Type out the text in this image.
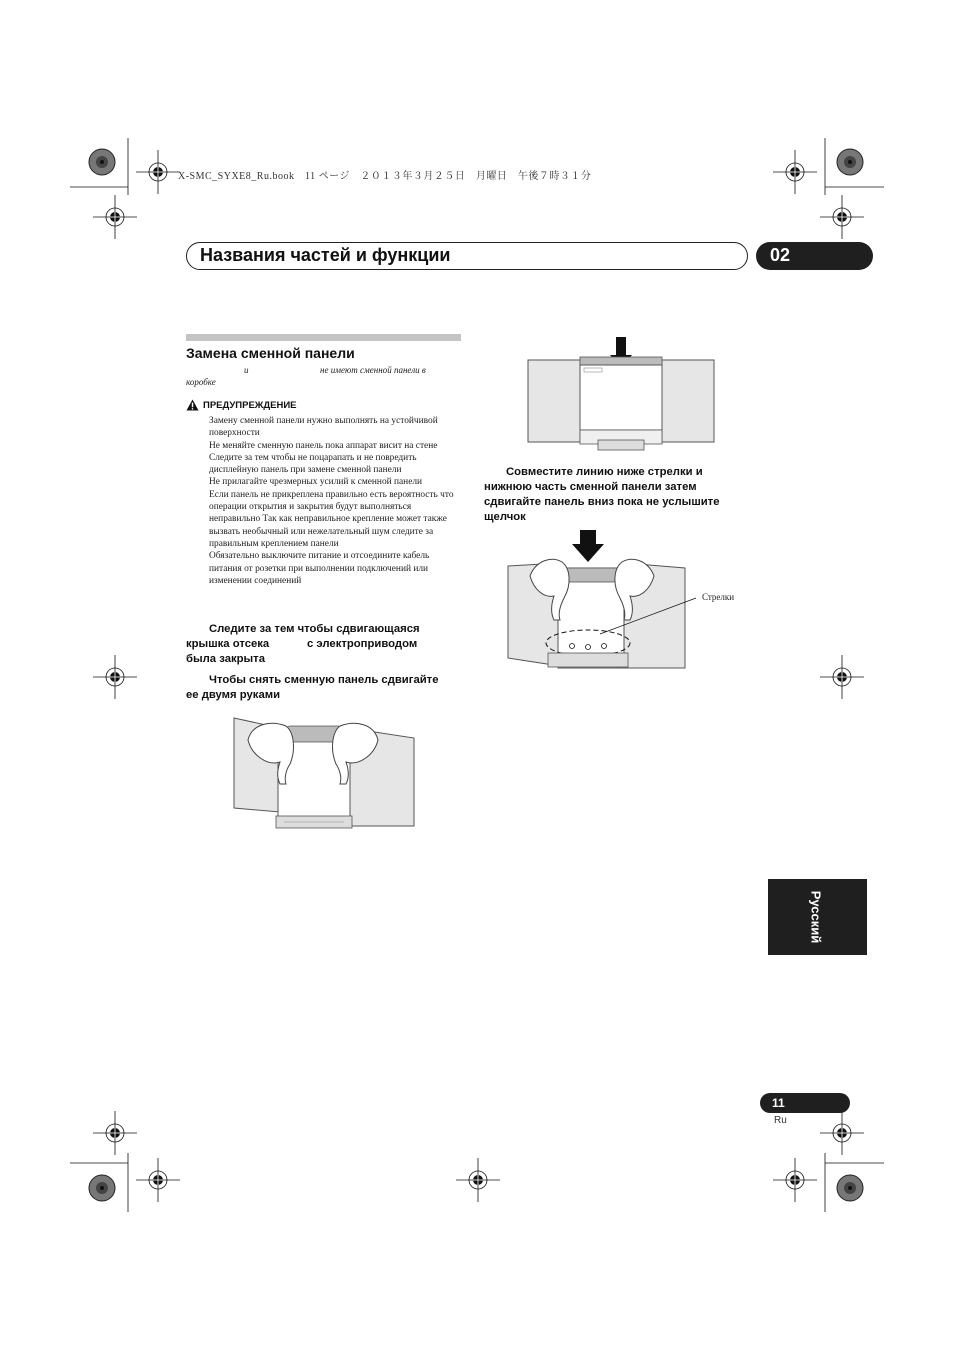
X-SMC_SYXE8_Ru.book　11 ページ　２０１３年３月２５日　月曜日　午後７時３１分
Названия частей и функции	02
Замена сменной панели
и	не имеют сменной панели в
коробке
ПРЕДУПРЕЖДЕНИЕ

Замену сменной панели нужно выполнять на устойчивой поверхности

Не меняйте сменную панель пока аппарат висит на стене

Следите за тем чтобы не поцарапать и не повредить дисплейную панель при замене сменной панели

Не прилагайте чрезмерных усилий к сменной панели

Если панель не прикреплена правильно есть вероятность что операции открытия и закрытия будут выполняться неправильно Так как неправильное крепление может также вызвать необычный или нежелательный шум следите за правильным креплением панели

Обязательно выключите питание и отсоедините кабель питания от розетки при выполнении подключений или изменении соединений

Следите за тем чтобы сдвигающаяся
крышка отсека	с электроприводом
была закрыта
Чтобы снять сменную панель сдвигайте
ее двумя руками
Совместите линию ниже стрелки и
нижнюю часть сменной панели затем
сдвигайте панель вниз пока не услышите
щелчок
Стрелки
Русский
11
Ru
